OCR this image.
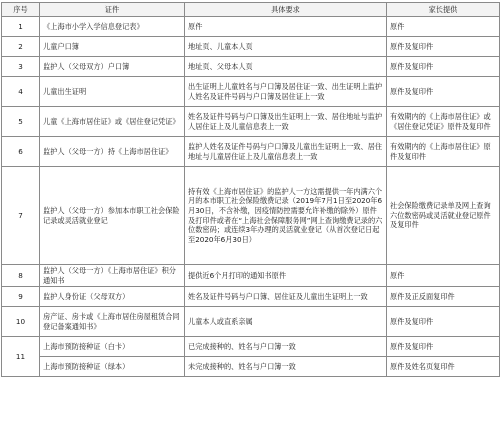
序号	证件	具体要求	家长提供
1	《上海市小学入学信息登记表》	原件	原件
2	儿童户口簿	地址页、儿童本人页	原件及复印件
3	监护人（父母双方）户口簿	地址页、父母本人页	原件及复印件
4	儿童出生证明	出生证明上儿童姓名与户口簿及居住证一致、出生证明上监护人姓名及证件号码与户口簿及居住证上一致	原件及复印件
5	儿童《上海市居住证》或《居住登记凭证》	姓名及证件号码与户口簿及出生证明上一致、居住地址与监护人居住证上及儿童信息表上一致	有效期内的《上海市居住证》或《居住登记凭证》原件及复印件
6	监护人（父母一方）持《上海市居住证》	监护人姓名及证件号码与户口簿及儿童出生证明上一致、居住地址与儿童居住证上及儿童信息表上一致	有效期内的《上海市居住证》原件及复印件
7	监护人（父母一方）参加本市职工社会保险记录或灵活就业登记	持有效《上海市居住证》的监护人一方这需提供一年内满六个月的本市职工社会保险缴费记录（2019年7月1日至2020年6月30日，不含补缴，因疫情防控需要允许补缴的除外）原件及打印件或者在“上海社会保障服务网”网上查询缴费记录的六位数密码；或连续3年办理的灵活就业登记（从首次登记日起至2020年6月30日）	社会保险缴费记录单及网上查询六位数密码或灵活就业登记原件及复印件
8	监护人（父母一方）《上海市居住证》积分通知书	提供近6个月打印的通知书原件	原件
9	监护人身份证（父母双方）	姓名及证件号码与户口簿、居住证及儿童出生证明上一致	原件及正反面复印件
10	房产证、房卡或《上海市居住房屋租赁合同登记备案通知书》	儿童本人或直系亲属	原件及复印件
11	上海市预防接种证（白卡）	已完成接种的、姓名与户口簿一致	原件及复印件
	上海市预防接种证（绿本）	未完成接种的、姓名与户口簿一致	原件及姓名页复印件
